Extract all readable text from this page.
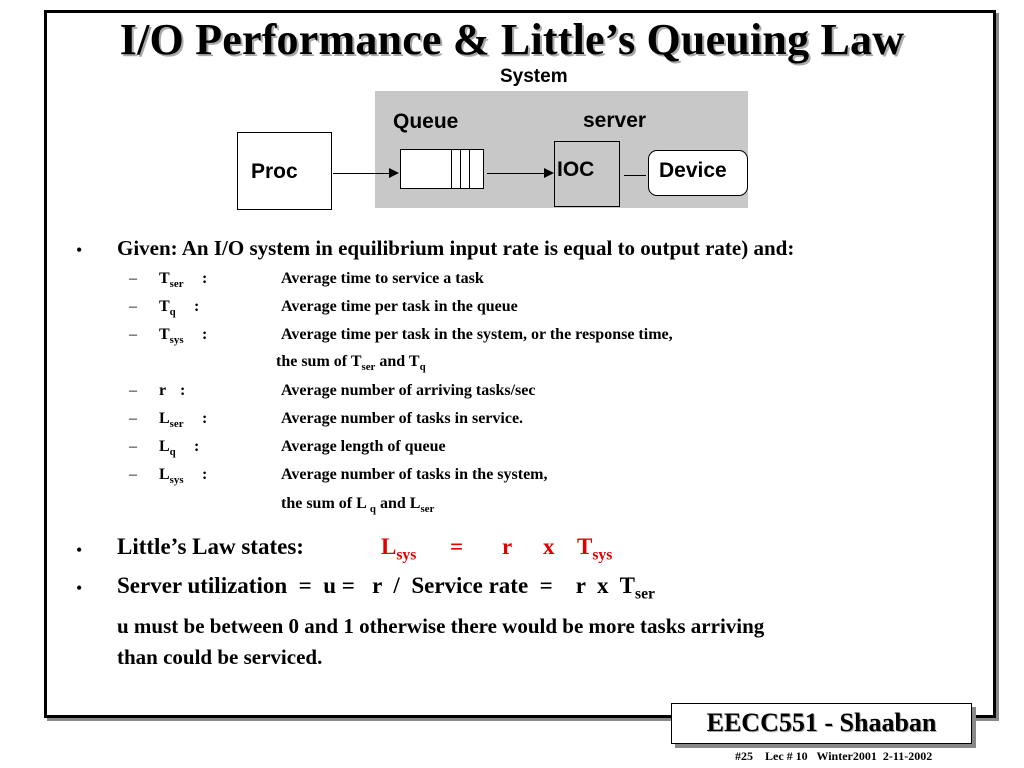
I/O Performance & Little’s Queuing Law
System
Queue	server
Proc	IOC	Device
• Given: An I/O system in equilibrium input rate is equal to output rate) and:
– $T_{ser}$ :	Average time to service a task
– $T_q$ :	Average time per task in the queue
– $T_{sys}$ :	Average time per task in the system, or the response time,
the sum of $T_{ser}$ and $T_q$
– r :	Average number of arriving tasks/sec
– $L_{ser}$ :	Average number of tasks in service.
– $L_q$ :	Average length of queue
– $L_{sys}$ :	Average number of tasks in the system,
the sum of L $_q$ and $L_{ser}$
• Little’s Law states:	$L_{sys} = r$ x $T_{sys}$
• Server utilization  =  u =   r  /  Service rate  =    r  x  $T_{ser}$
u must be between 0 and 1 otherwise there would be more tasks arriving
than could be serviced.
EECC551 - Shaaban
#25    Lec # 10   Winter2001  2-11-2002
